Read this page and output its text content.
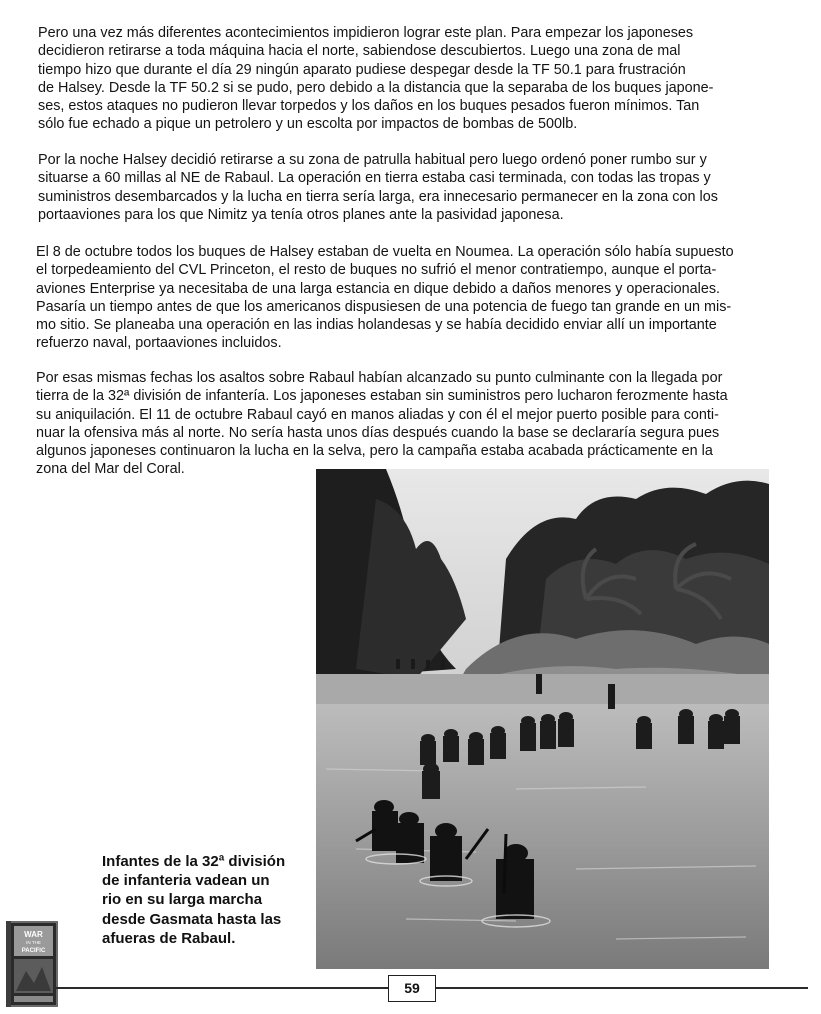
Pero una vez más diferentes acontecimientos impidieron lograr este plan. Para empezar los japoneses
decidieron retirarse a toda máquina hacia el norte, sabiendose descubiertos. Luego una zona de mal
tiempo hizo que durante el día 29 ningún aparato pudiese despegar desde la TF 50.1 para frustración
de Halsey. Desde la TF 50.2 si se pudo, pero debido a la distancia que la separaba de los buques japone-
ses, estos ataques no pudieron llevar torpedos y los daños en los buques pesados fueron mínimos. Tan
sólo fue echado a pique un petrolero y un escolta por impactos de bombas de 500lb.

Por la noche Halsey decidió retirarse a su zona de patrulla habitual pero luego ordenó poner rumbo sur y
situarse a 60 millas al NE de Rabaul. La operación en tierra estaba casi terminada, con todas las tropas y
suministros desembarcados y la lucha en tierra sería larga, era innecesario permanecer en la zona con los
portaaviones para los que Nimitz ya tenía otros planes ante la pasividad japonesa.

El 8 de octubre todos los buques de Halsey estaban de vuelta en Noumea. La operación sólo había supuesto
el torpedeamiento del CVL Princeton, el resto de buques no sufrió el menor contratiempo, aunque el porta-
aviones Enterprise ya necesitaba de una larga estancia en dique debido a daños menores y operacionales.
Pasaría un tiempo antes de que los americanos dispusiesen de una potencia de fuego tan grande en un mis-
mo sitio. Se planeaba una operación en las indias holandesas y se había decidido enviar allí un importante
refuerzo naval, portaaviones incluidos.

Por esas mismas fechas los asaltos sobre Rabaul habían alcanzado su punto culminante con la llegada por
tierra de la 32ª división de infantería. Los japoneses estaban sin suministros pero lucharon ferozmente hasta
su aniquilación. El 11 de octubre Rabaul cayó en manos aliadas y con él el mejor puerto posible para conti-
nuar la ofensiva más al norte. No sería hasta unos días después cuando la base se declararía segura pues
algunos japoneses continuaron la lucha en la selva, pero la campaña estaba acabada prácticamente en la
zona del Mar del Coral.

Infantes de la 32ª división
de infanteria vadean un
rio en su larga marcha
desde Gasmata hasta las
afueras de Rabaul.

WAR
IN THE
PACIFIC
59
